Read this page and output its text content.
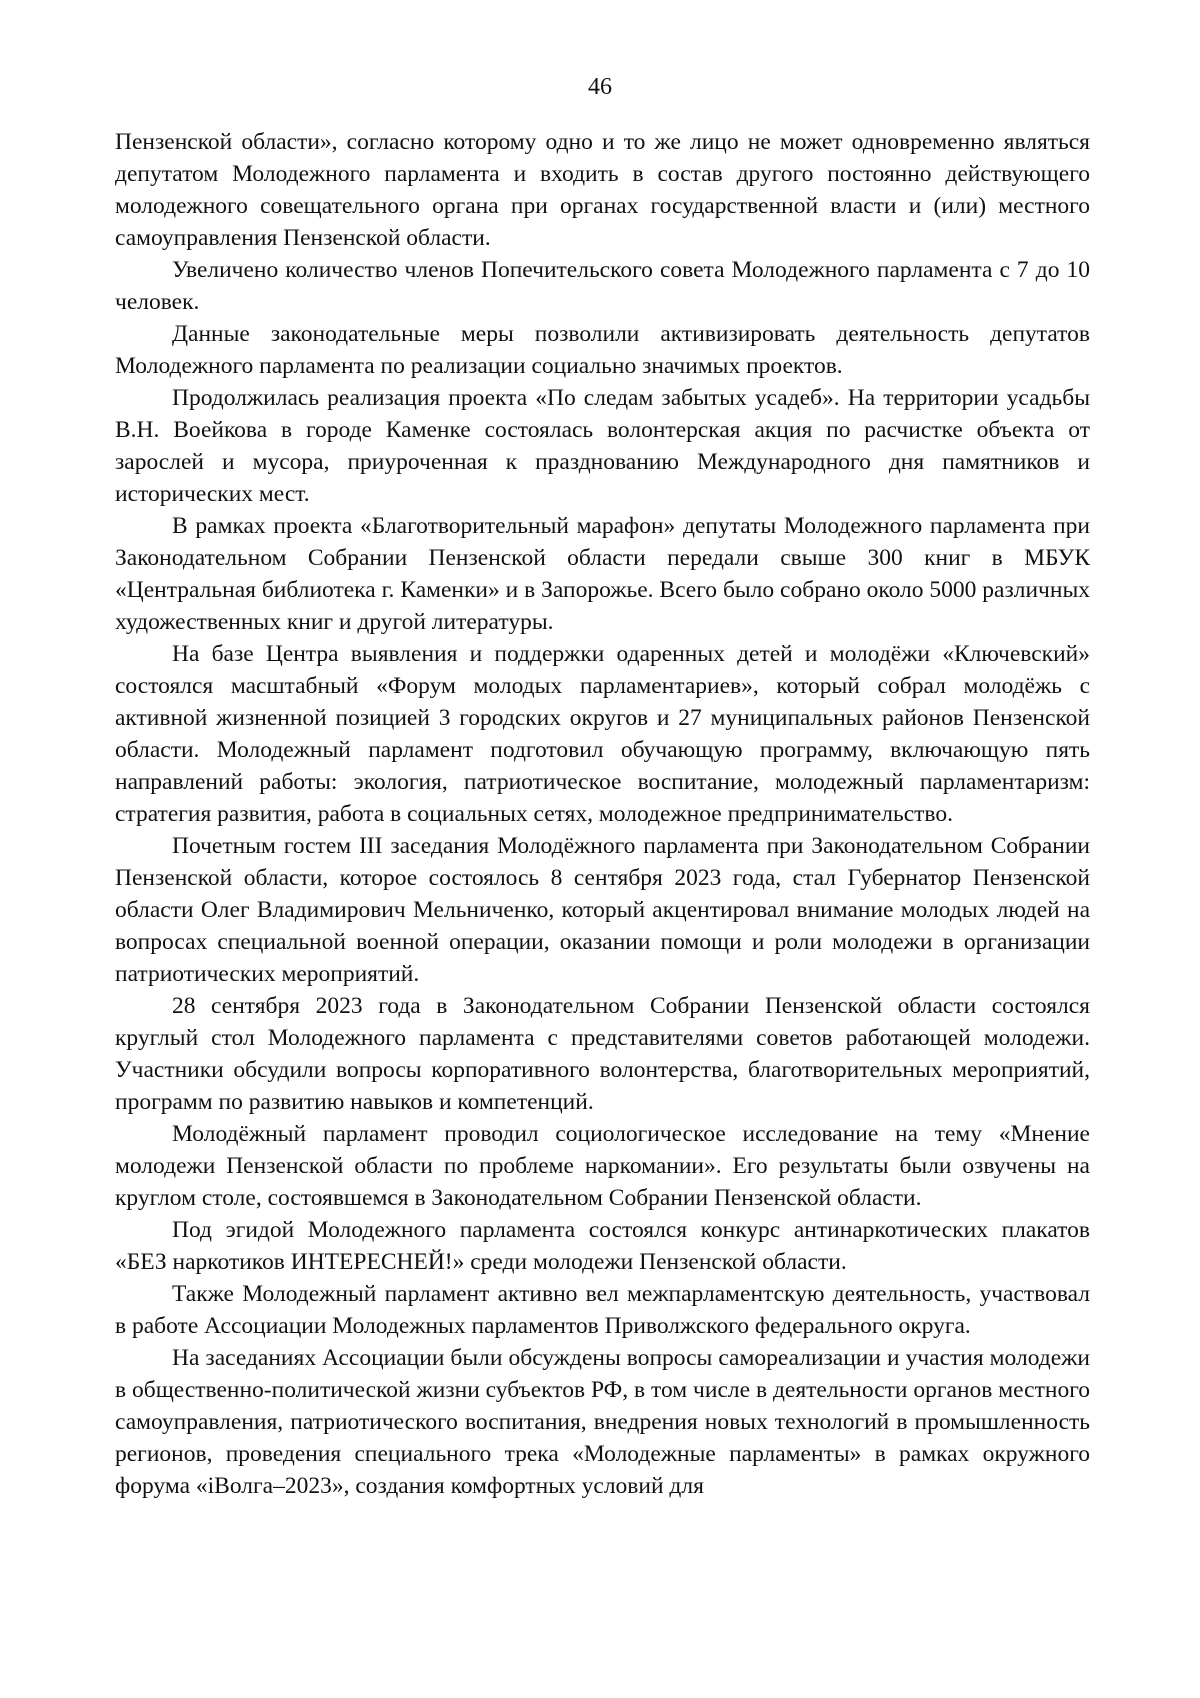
46

Пензенской области», согласно которому одно и то же лицо не может одновременно являться депутатом Молодежного парламента и входить в состав другого постоянно действующего молодежного совещательного органа при органах государственной власти и (или) местного самоуправления Пензенской области.

Увеличено количество членов Попечительского совета Молодежного парламента с 7 до 10 человек.

Данные законодательные меры позволили активизировать деятельность депутатов Молодежного парламента по реализации социально значимых проектов.

Продолжилась реализация проекта «По следам забытых усадеб». На территории усадьбы В.Н. Воейкова в городе Каменке состоялась волонтерская акция по расчистке объекта от зарослей и мусора, приуроченная к празднованию Международного дня памятников и исторических мест.

В рамках проекта «Благотворительный марафон» депутаты Молодежного парламента при Законодательном Собрании Пензенской области передали свыше 300 книг в МБУК «Центральная библиотека г. Каменки» и в Запорожье. Всего было собрано около 5000 различных художественных книг и другой литературы.

На базе Центра выявления и поддержки одаренных детей и молодёжи «Ключевский» состоялся масштабный «Форум молодых парламентариев», который собрал молодёжь с активной жизненной позицией 3 городских округов и 27 муниципальных районов Пензенской области. Молодежный парламент подготовил обучающую программу, включающую пять направлений работы: экология, патриотическое воспитание, молодежный парламентаризм: стратегия развития, работа в социальных сетях, молодежное предпринимательство.

Почетным гостем III заседания Молодёжного парламента при Законодательном Собрании Пензенской области, которое состоялось 8 сентября 2023 года, стал Губернатор Пензенской области Олег Владимирович Мельниченко, который акцентировал внимание молодых людей на вопросах специальной военной операции, оказании помощи и роли молодежи в организации патриотических мероприятий.

28 сентября 2023 года в Законодательном Собрании Пензенской области состоялся круглый стол Молодежного парламента с представителями советов работающей молодежи. Участники обсудили вопросы корпоративного волонтерства, благотворительных мероприятий, программ по развитию навыков и компетенций.

Молодёжный парламент проводил социологическое исследование на тему «Мнение молодежи Пензенской области по проблеме наркомании». Его результаты были озвучены на круглом столе, состоявшемся в Законодательном Собрании Пензенской области.

Под эгидой Молодежного парламента состоялся конкурс антинаркотических плакатов «БЕЗ наркотиков ИНТЕРЕСНЕЙ!» среди молодежи Пензенской области.

Также Молодежный парламент активно вел межпарламентскую деятельность, участвовал в работе Ассоциации Молодежных парламентов Приволжского федерального округа.

На заседаниях Ассоциации были обсуждены вопросы самореализации и участия молодежи в общественно-политической жизни субъектов РФ, в том числе в деятельности органов местного самоуправления, патриотического воспитания, внедрения новых технологий в промышленность регионов, проведения специального трека «Молодежные парламенты» в рамках окружного форума «iВолга–2023», создания комфортных условий для
